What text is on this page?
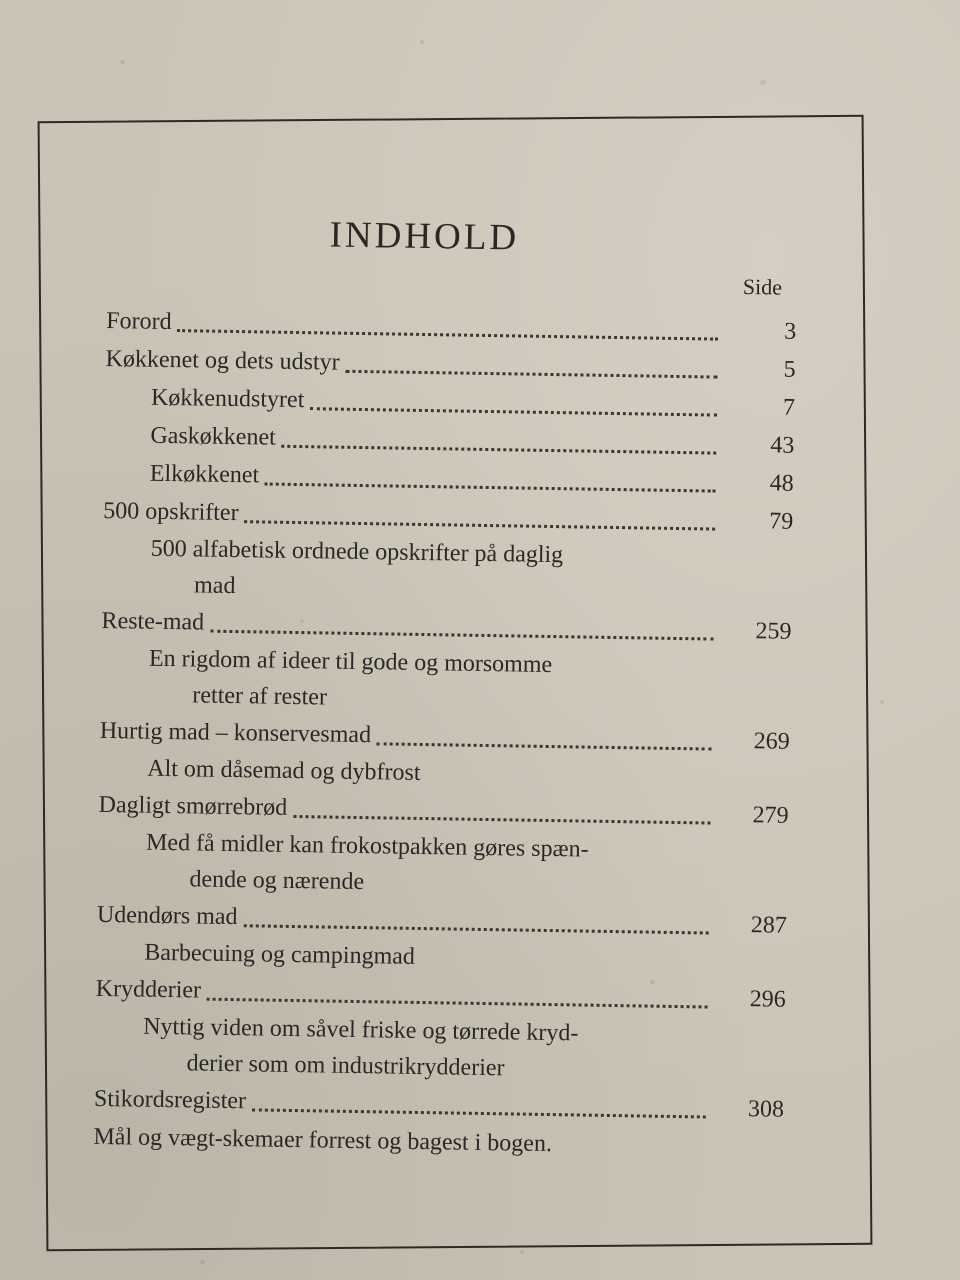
INDHOLD
Side
Forord	3
Køkkenet og dets udstyr	5
Køkkenudstyret	7
Gaskøkkenet	43
Elkøkkenet	48
500 opskrifter	79
500 alfabetisk ordnede opskrifter på daglig

mad
Reste-mad	259
En rigdom af ideer til gode og morsomme

retter af rester
Hurtig mad – konservesmad	269
Alt om dåsemad og dybfrost
Dagligt smørrebrød	279
Med få midler kan frokostpakken gøres spæn-

dende og nærende
Udendørs mad	287
Barbecuing og campingmad
Krydderier	296
Nyttig viden om såvel friske og tørrede kryd-

derier som om industrikrydderier
Stikordsregister	308
Mål og vægt-skemaer forrest og bagest i bogen.
